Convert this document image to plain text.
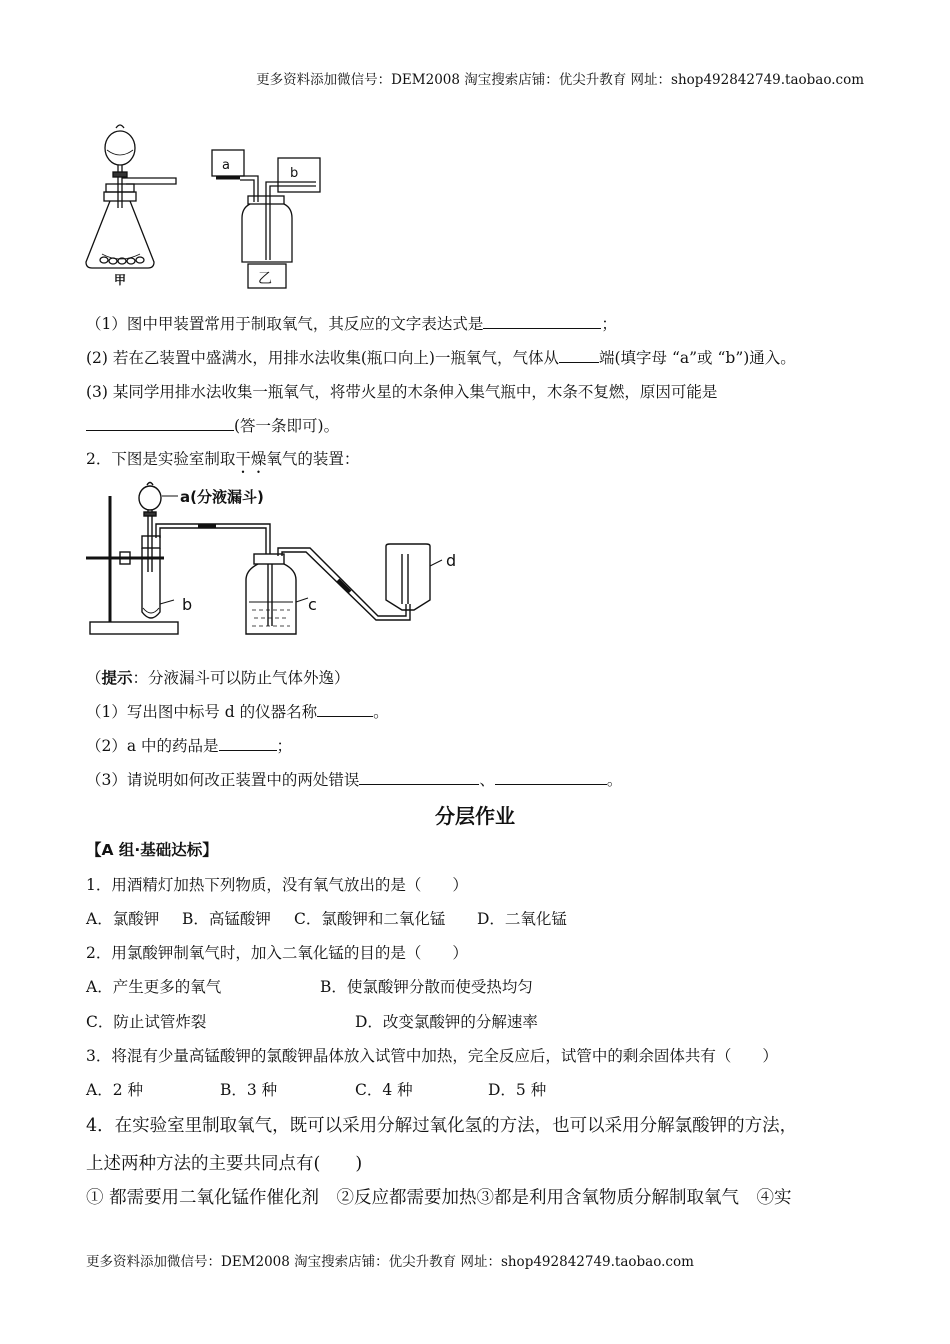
更多资料添加微信号：DEM2008 淘宝搜索店铺：优尖升教育 网址：shop492842749.taobao.com
甲
a
b
乙
（1）图中甲装置常用于制取氧气，其反应的文字表达式是	；
(2) 若在乙装置中盛满水，用排水法收集(瓶口向上)一瓶氧气，气体从	端(填字母 “a”或 “b”)通入。
(3) 某同学用排水法收集一瓶氧气，将带火星的木条伸入集气瓶中，木条不复燃，原因可能是
(答一条即可)。
2．下图是实验室制取干燥氧气的装置：
a(分液漏斗)
b	c
d
（提示：分液漏斗可以防止气体外逸）
（1）写出图中标号 d 的仪器名称	。
（2）a 中的药品是	；
（3）请说明如何改正装置中的两处错误	、	。
分层作业
【A 组·基础达标】
1．用酒精灯加热下列物质，没有氧气放出的是（　　）
A．氯酸钾 B．高锰酸钾 C．氯酸钾和二氧化锰 D．二氧化锰
2．用氯酸钾制氧气时，加入二氧化锰的目的是（　　）
A．产生更多的氧气	B．使氯酸钾分散而使受热均匀
C．防止试管炸裂	D．改变氯酸钾的分解速率
3．将混有少量高锰酸钾的氯酸钾晶体放入试管中加热，完全反应后，试管中的剩余固体共有（　　）
A．2 种	B．3 种	C．4 种	D．5 种
4．在实验室里制取氧气，既可以采用分解过氧化氢的方法，也可以采用分解氯酸钾的方法，
上述两种方法的主要共同点有(　　)
① 都需要用二氧化锰作催化剂　②反应都需要加热③都是利用含氧物质分解制取氧气　④实
更多资料添加微信号：DEM2008 淘宝搜索店铺：优尖升教育 网址：shop492842749.taobao.com
